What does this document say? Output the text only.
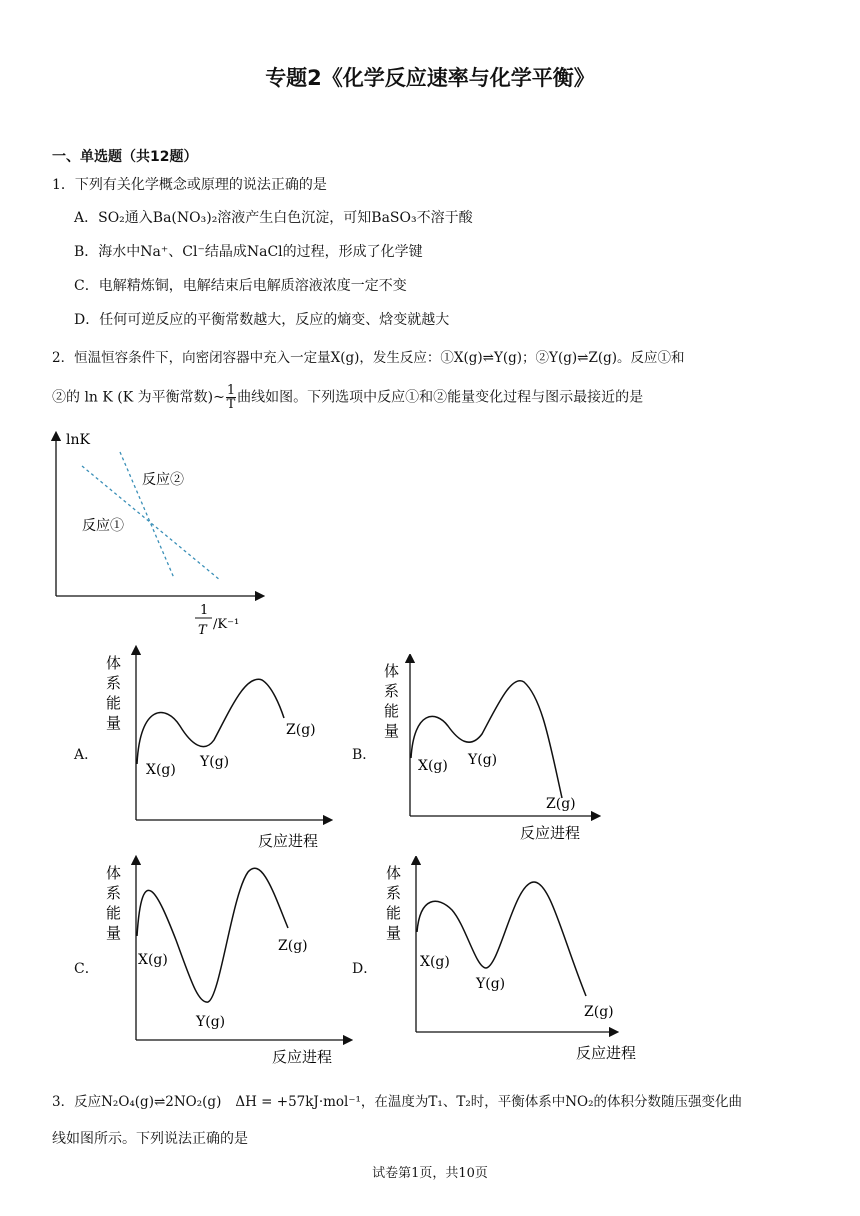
专题2《化学反应速率与化学平衡》
一、单选题（共12题）
1．下列有关化学概念或原理的说法正确的是
A．SO₂通入Ba(NO₃)₂溶液产生白色沉淀，可知BaSO₃不溶于酸
B．海水中Na⁺、Cl⁻结晶成NaCl的过程，形成了化学键
C．电解精炼铜，电解结束后电解质溶液浓度一定不变
D．任何可逆反应的平衡常数越大，反应的熵变、焓变就越大
2．恒温恒容条件下，向密闭容器中充入一定量X(g)，发生反应：①X(g)⇌Y(g)；②Y(g)⇌Z(g)。反应①和
②的 ln K (K 为平衡常数)~ $\frac{1}{T}$ 曲线如图。下列选项中反应①和②能量变化过程与图示最接近的是
lnK
反应②
反应①
1
T /K⁻¹
A．
体
系
能
量
X(g) Y(g)
Z(g)
反应进程
B．
体
系
能
量
X(g) Y(g)
Z(g)
反应进程
C．
体
系
能
量
X(g)
Y(g)
Z(g)
反应进程
D．
体
系
能
量
X(g)
Y(g)
Z(g)
反应进程
3．反应N₂O₄(g)⇌2NO₂(g) ΔH = +57kJ·mol⁻¹，在温度为T₁、T₂时，平衡体系中NO₂的体积分数随压强变化曲
线如图所示。下列说法正确的是
试卷第1页，共10页
